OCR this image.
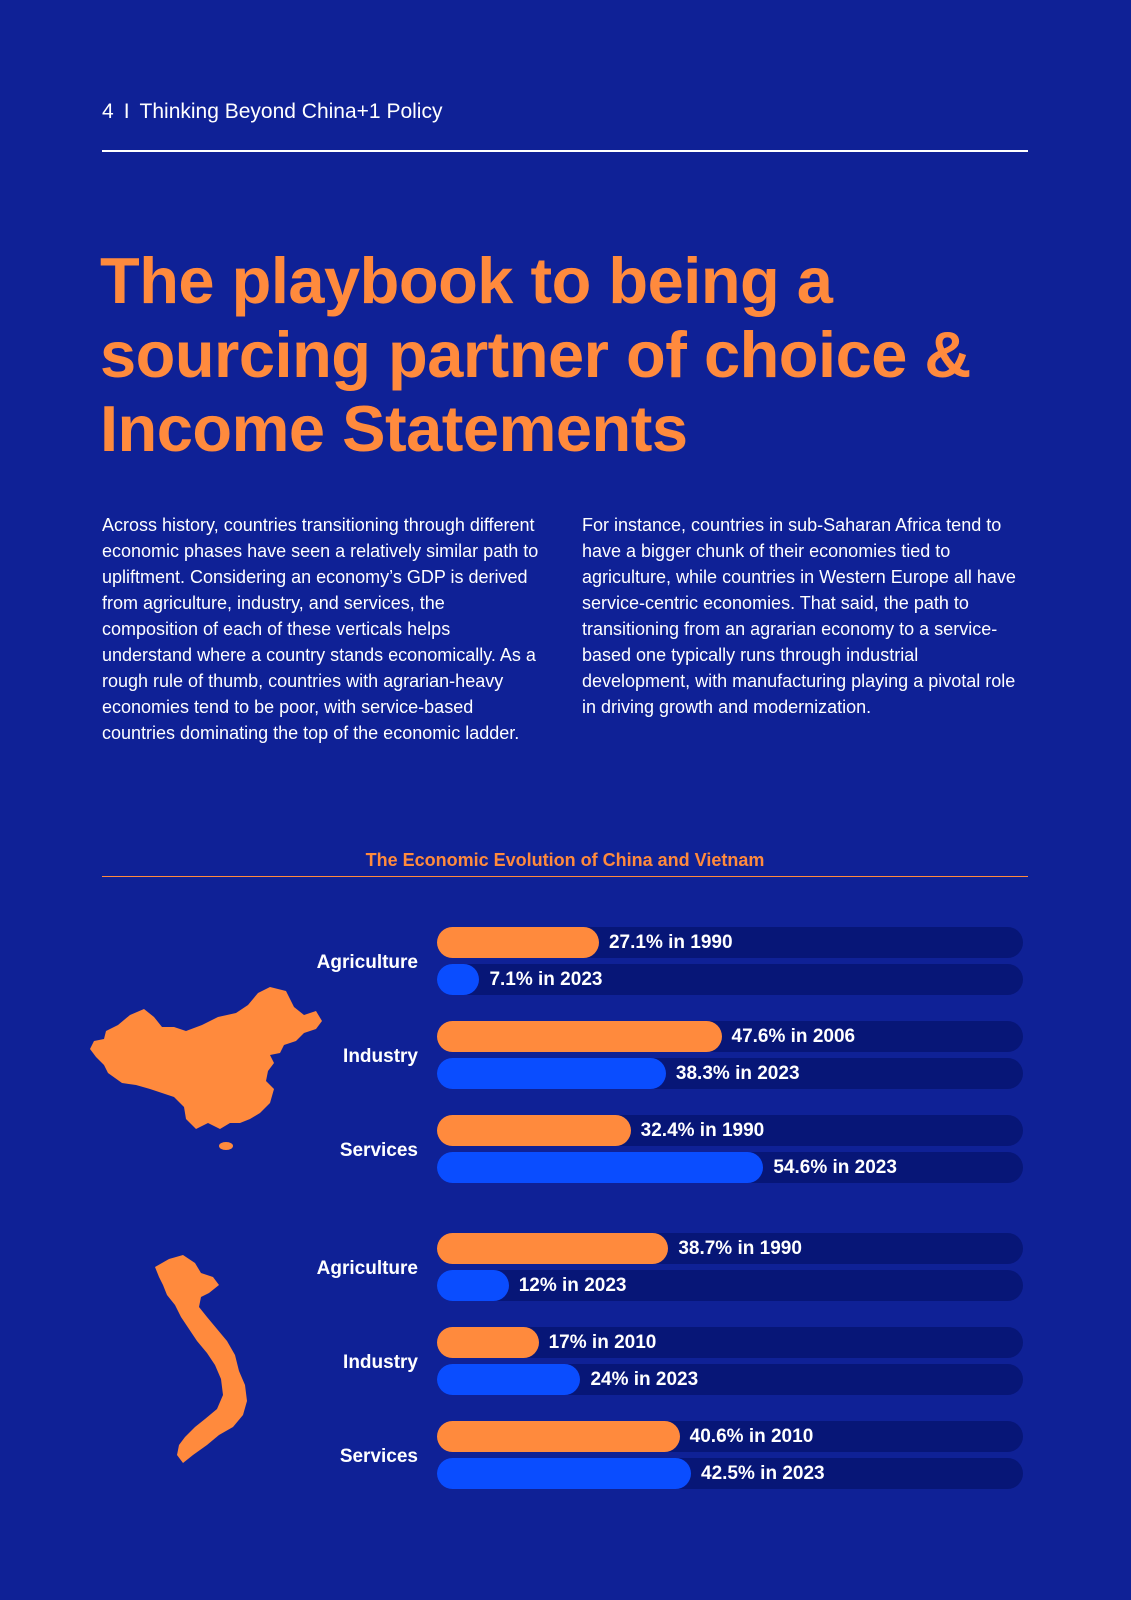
4 I Thinking Beyond China+1 Policy
The playbook to being a
sourcing partner of choice &
Income Statements
Across history, countries transitioning through different economic phases have seen a relatively similar path to upliftment. Considering an economy’s GDP is derived from agriculture, industry, and services, the composition of each of these verticals helps understand where a country stands economically. As a rough rule of thumb, countries with agrarian-heavy economies tend to be poor, with service-based countries dominating the top of the economic ladder.
For instance, countries in sub-Saharan Africa tend to have a bigger chunk of their economies tied to agriculture, while countries in Western Europe all have service-centric economies. That said, the path to transitioning from an agrarian economy to a service-based one typically runs through industrial development, with manufacturing playing a pivotal role in driving growth and modernization.
The Economic Evolution of China and Vietnam
Agriculture
27.1% in 1990
7.1% in 2023
Industry
47.6% in 2006
38.3% in 2023
Services
32.4% in 1990
54.6% in 2023
Agriculture
38.7% in 1990
12% in 2023
Industry
17% in 2010
24% in 2023
Services
40.6% in 2010
42.5% in 2023
